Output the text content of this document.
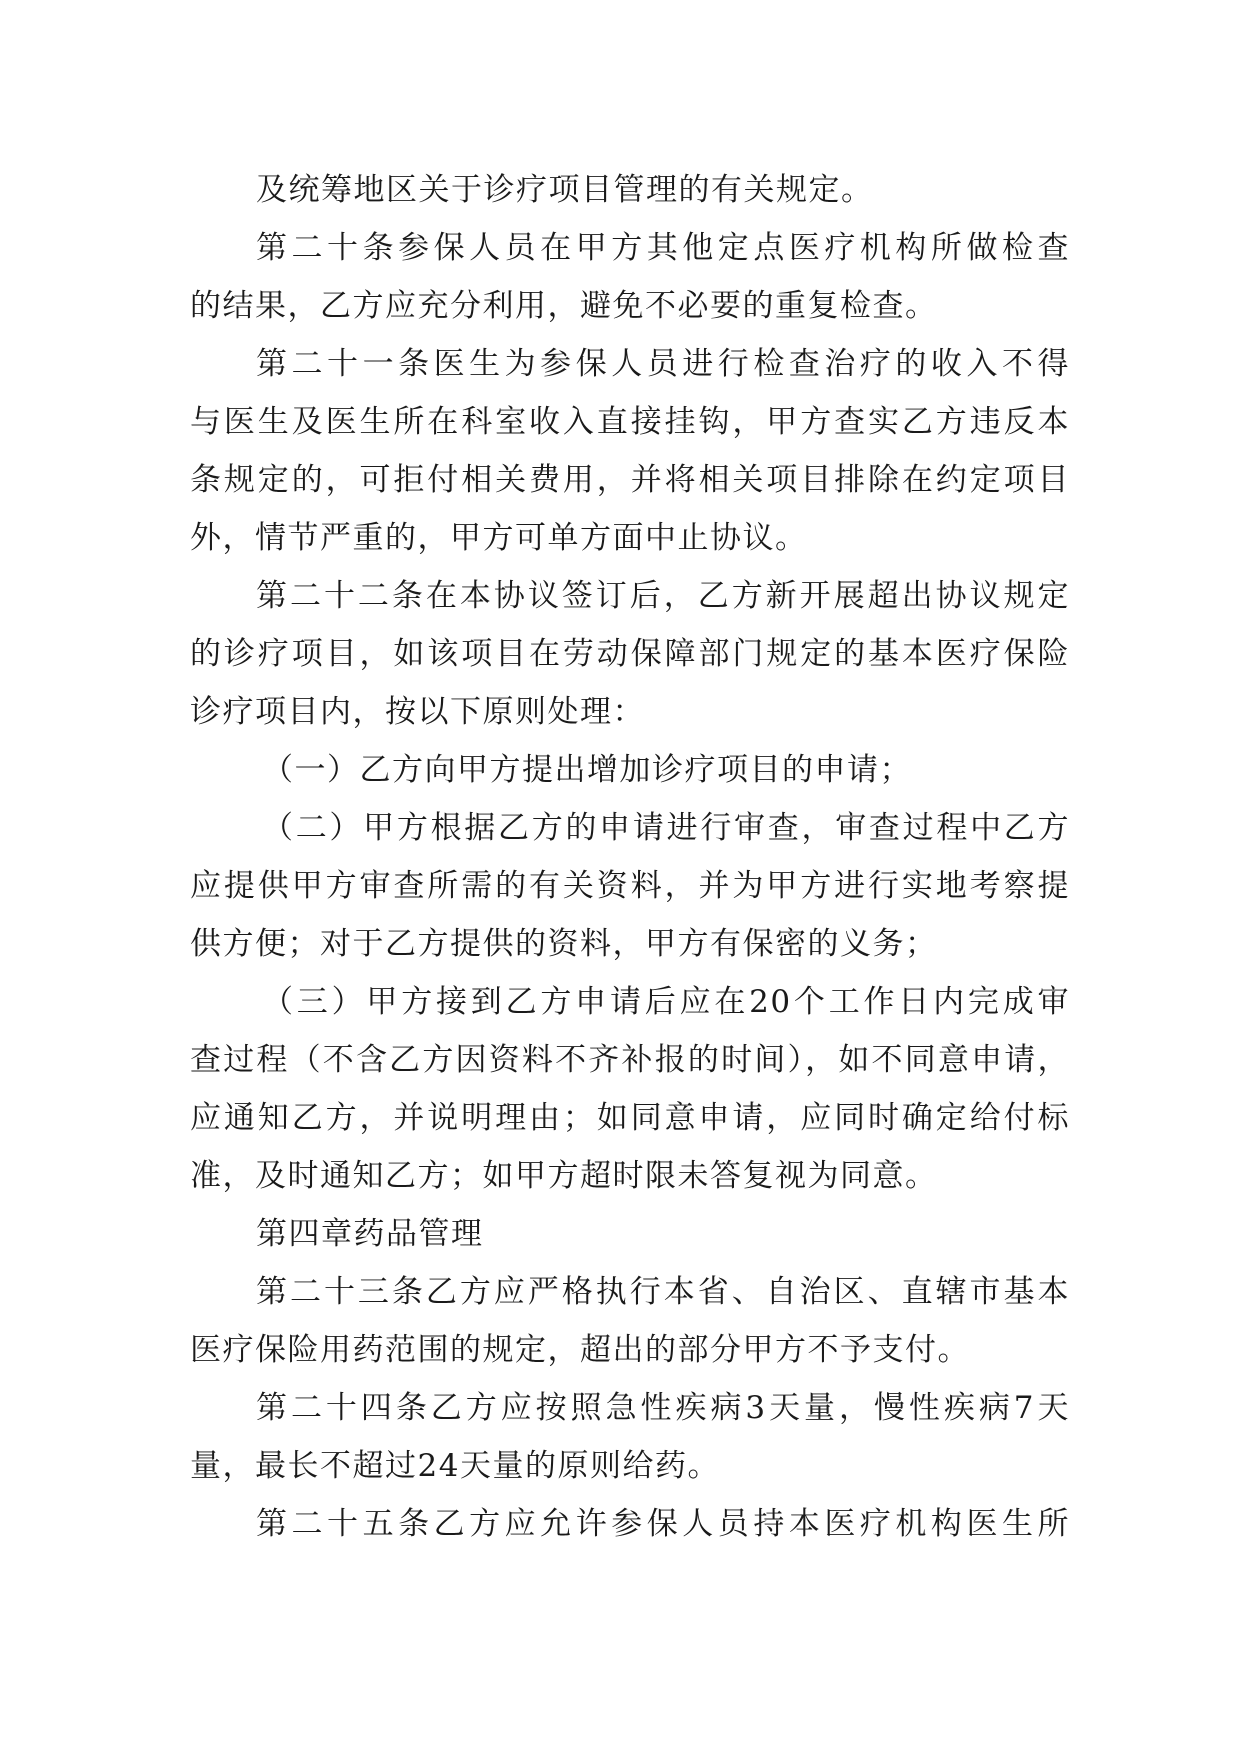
及统筹地区关于诊疗项目管理的有关规定。
第二十条参保人员在甲方其他定点医疗机构所做检查
的结果，乙方应充分利用，避免不必要的重复检查。
第二十一条医生为参保人员进行检查治疗的收入不得
与医生及医生所在科室收入直接挂钩，甲方查实乙方违反本
条规定的，可拒付相关费用，并将相关项目排除在约定项目
外，情节严重的，甲方可单方面中止协议。
第二十二条在本协议签订后，乙方新开展超出协议规定
的诊疗项目，如该项目在劳动保障部门规定的基本医疗保险
诊疗项目内，按以下原则处理：
（一）乙方向甲方提出增加诊疗项目的申请；
（二）甲方根据乙方的申请进行审查，审查过程中乙方
应提供甲方审查所需的有关资料，并为甲方进行实地考察提
供方便；对于乙方提供的资料，甲方有保密的义务；
（三）甲方接到乙方申请后应在20个工作日内完成审
查过程（不含乙方因资料不齐补报的时间），如不同意申请，
应通知乙方，并说明理由；如同意申请，应同时确定给付标
准，及时通知乙方；如甲方超时限未答复视为同意。
第四章药品管理
第二十三条乙方应严格执行本省、自治区、直辖市基本
医疗保险用药范围的规定，超出的部分甲方不予支付。
第二十四条乙方应按照急性疾病3天量，慢性疾病7天
量，最长不超过24天量的原则给药。
第二十五条乙方应允许参保人员持本医疗机构医生所
